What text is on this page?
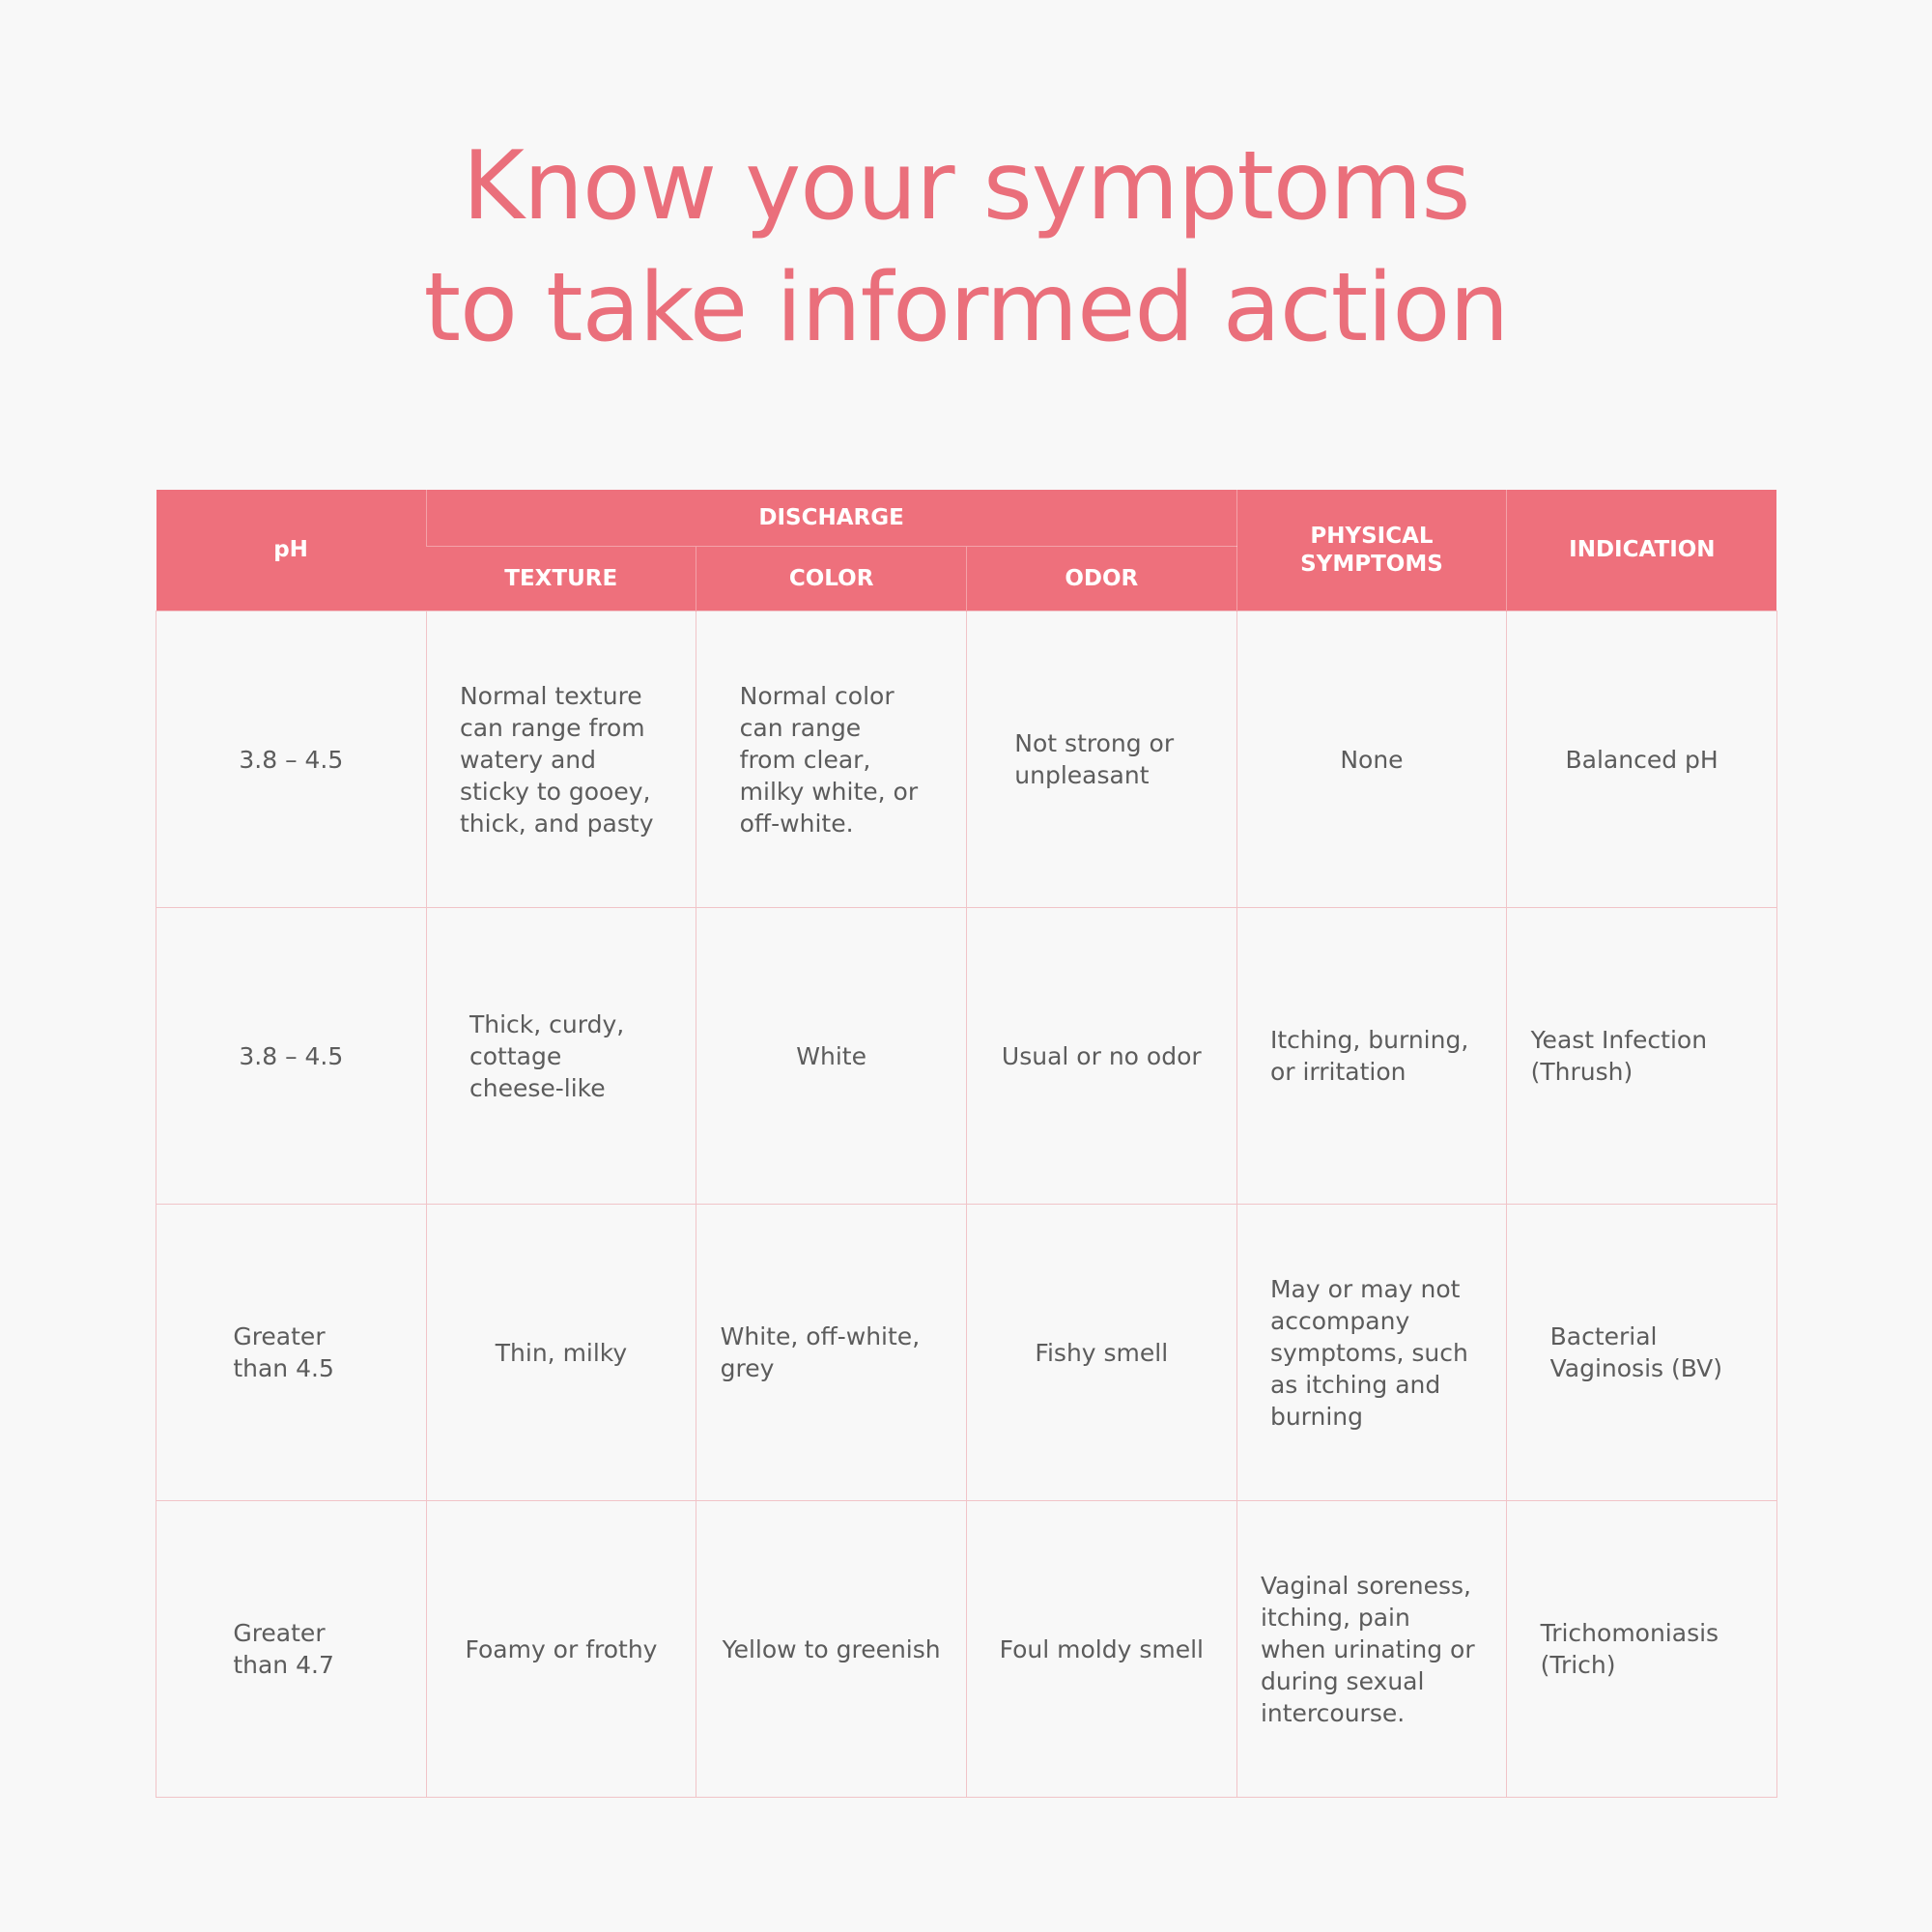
Know your symptoms
to take informed action
pH	DISCHARGE			PHYSICAL SYMPTOMS	INDICATION
	TEXTURE	COLOR	ODOR		
3.8 – 4.5	Normal texture can range from watery and sticky to gooey, thick, and pasty	Normal color can range from clear, milky white, or off-white.	Not strong or unpleasant	None	Balanced pH
3.8 – 4.5	Thick, curdy, cottage cheese-like	White	Usual or no odor	Itching, burning, or irritation	Yeast Infection (Thrush)
Greater than 4.5	Thin, milky	White, off-white, grey	Fishy smell	May or may not accompany symptoms, such as itching and burning	Bacterial Vaginosis (BV)
Greater than 4.7	Foamy or frothy	Yellow to greenish	Foul moldy smell	Vaginal soreness, itching, pain when urinating or during sexual intercourse.	Trichomoniasis (Trich)
